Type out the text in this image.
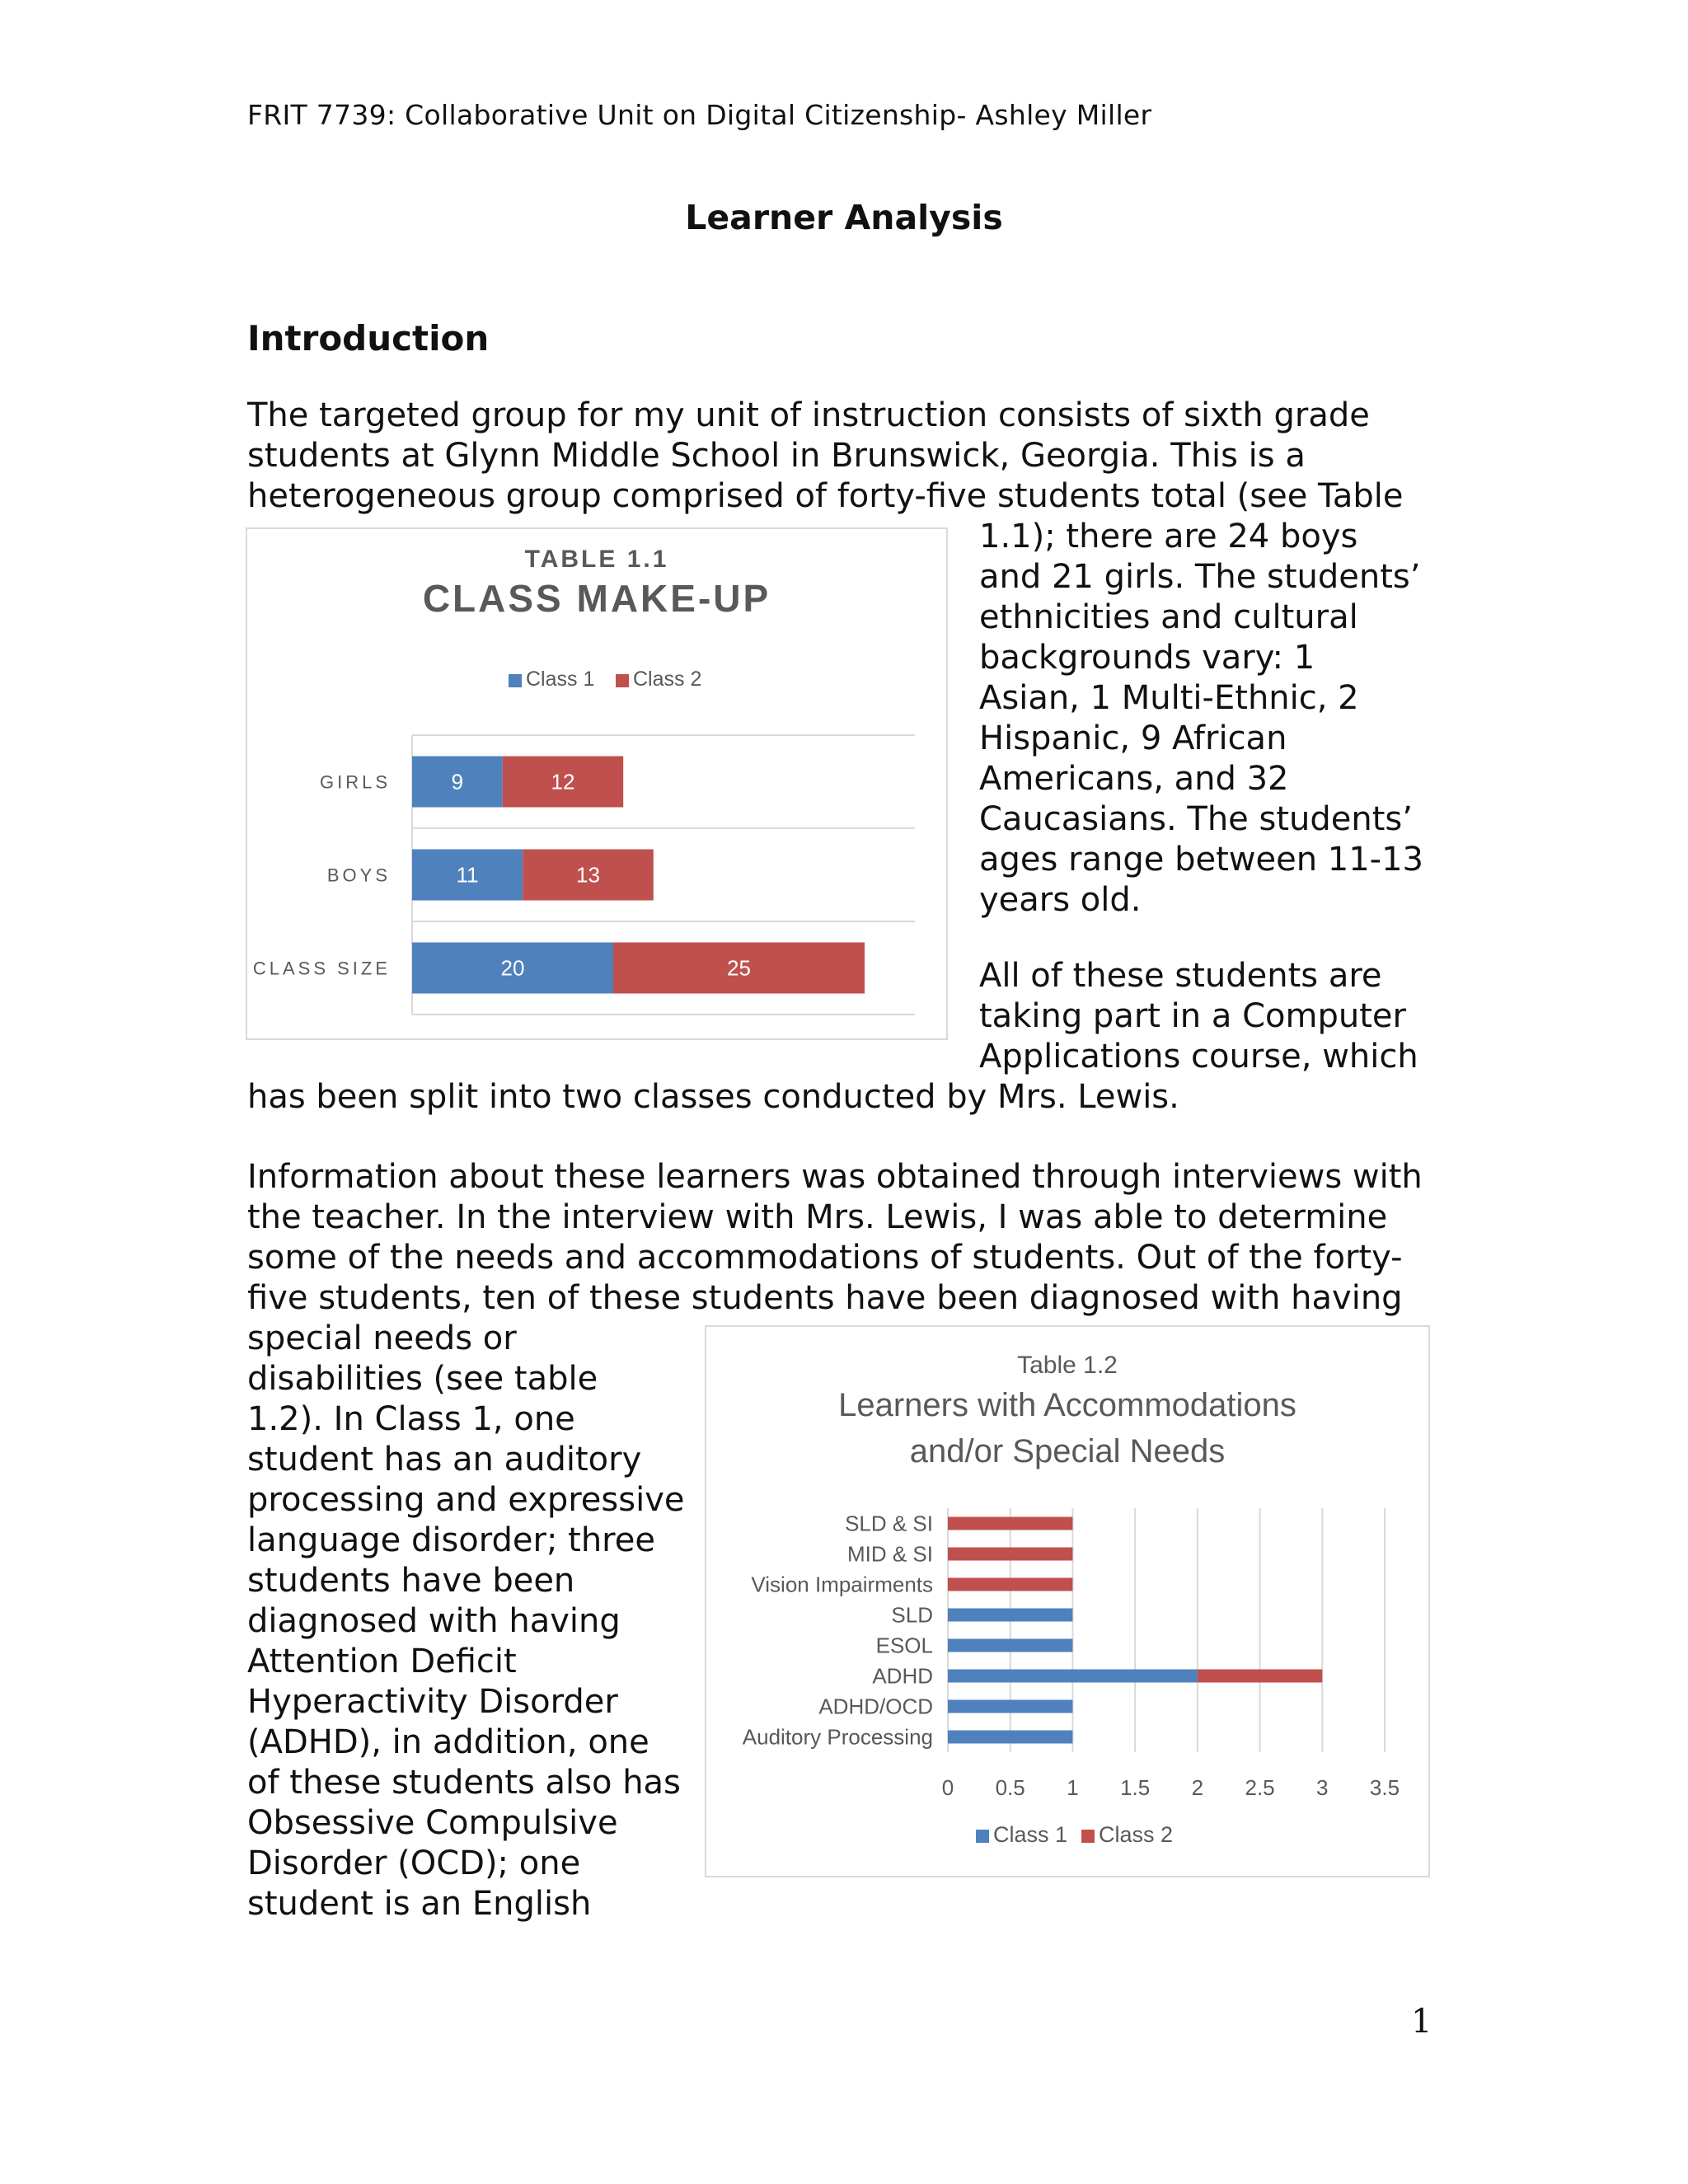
FRIT 7739: Collaborative Unit on Digital Citizenship- Ashley Miller
Learner Analysis
Introduction
The targeted group for my unit of instruction consists of sixth grade
students at Glynn Middle School in Brunswick, Georgia. This is a
heterogeneous group comprised of forty-five students total (see Table
1.1); there are 24 boys
and 21 girls. The students’
ethnicities and cultural
backgrounds vary: 1
Asian, 1 Multi-Ethnic, 2
Hispanic, 9 African
Americans, and 32
Caucasians. The students’
ages range between 11-13
years old.
All of these students are
taking part in a Computer
Applications course, which
has been split into two classes conducted by Mrs. Lewis.
Information about these learners was obtained through interviews with
the teacher. In the interview with Mrs. Lewis, I was able to determine
some of the needs and accommodations of students. Out of the forty-
five students, ten of these students have been diagnosed with having
special needs or
disabilities (see table
1.2). In Class 1, one
student has an auditory
processing and expressive
language disorder; three
students have been
diagnosed with having
Attention Deficit
Hyperactivity Disorder
(ADHD), in addition, one
of these students also has
Obsessive Compulsive
Disorder (OCD); one
student is an English
TABLE 1.1
CLASS MAKE-UP
Class 1 Class 2
GIRLS	9	12
BOYS	11	13
CLASS SIZE	20	25
Table 1.2
Learners with Accommodations
and/or Special Needs
SLD & SI
MID & SI
Vision Impairments
SLD
ESOL
ADHD
ADHD/OCD
Auditory Processing
0 0.5 1 1.5 2 2.5 3 3.5
Class 1 Class 2
1
